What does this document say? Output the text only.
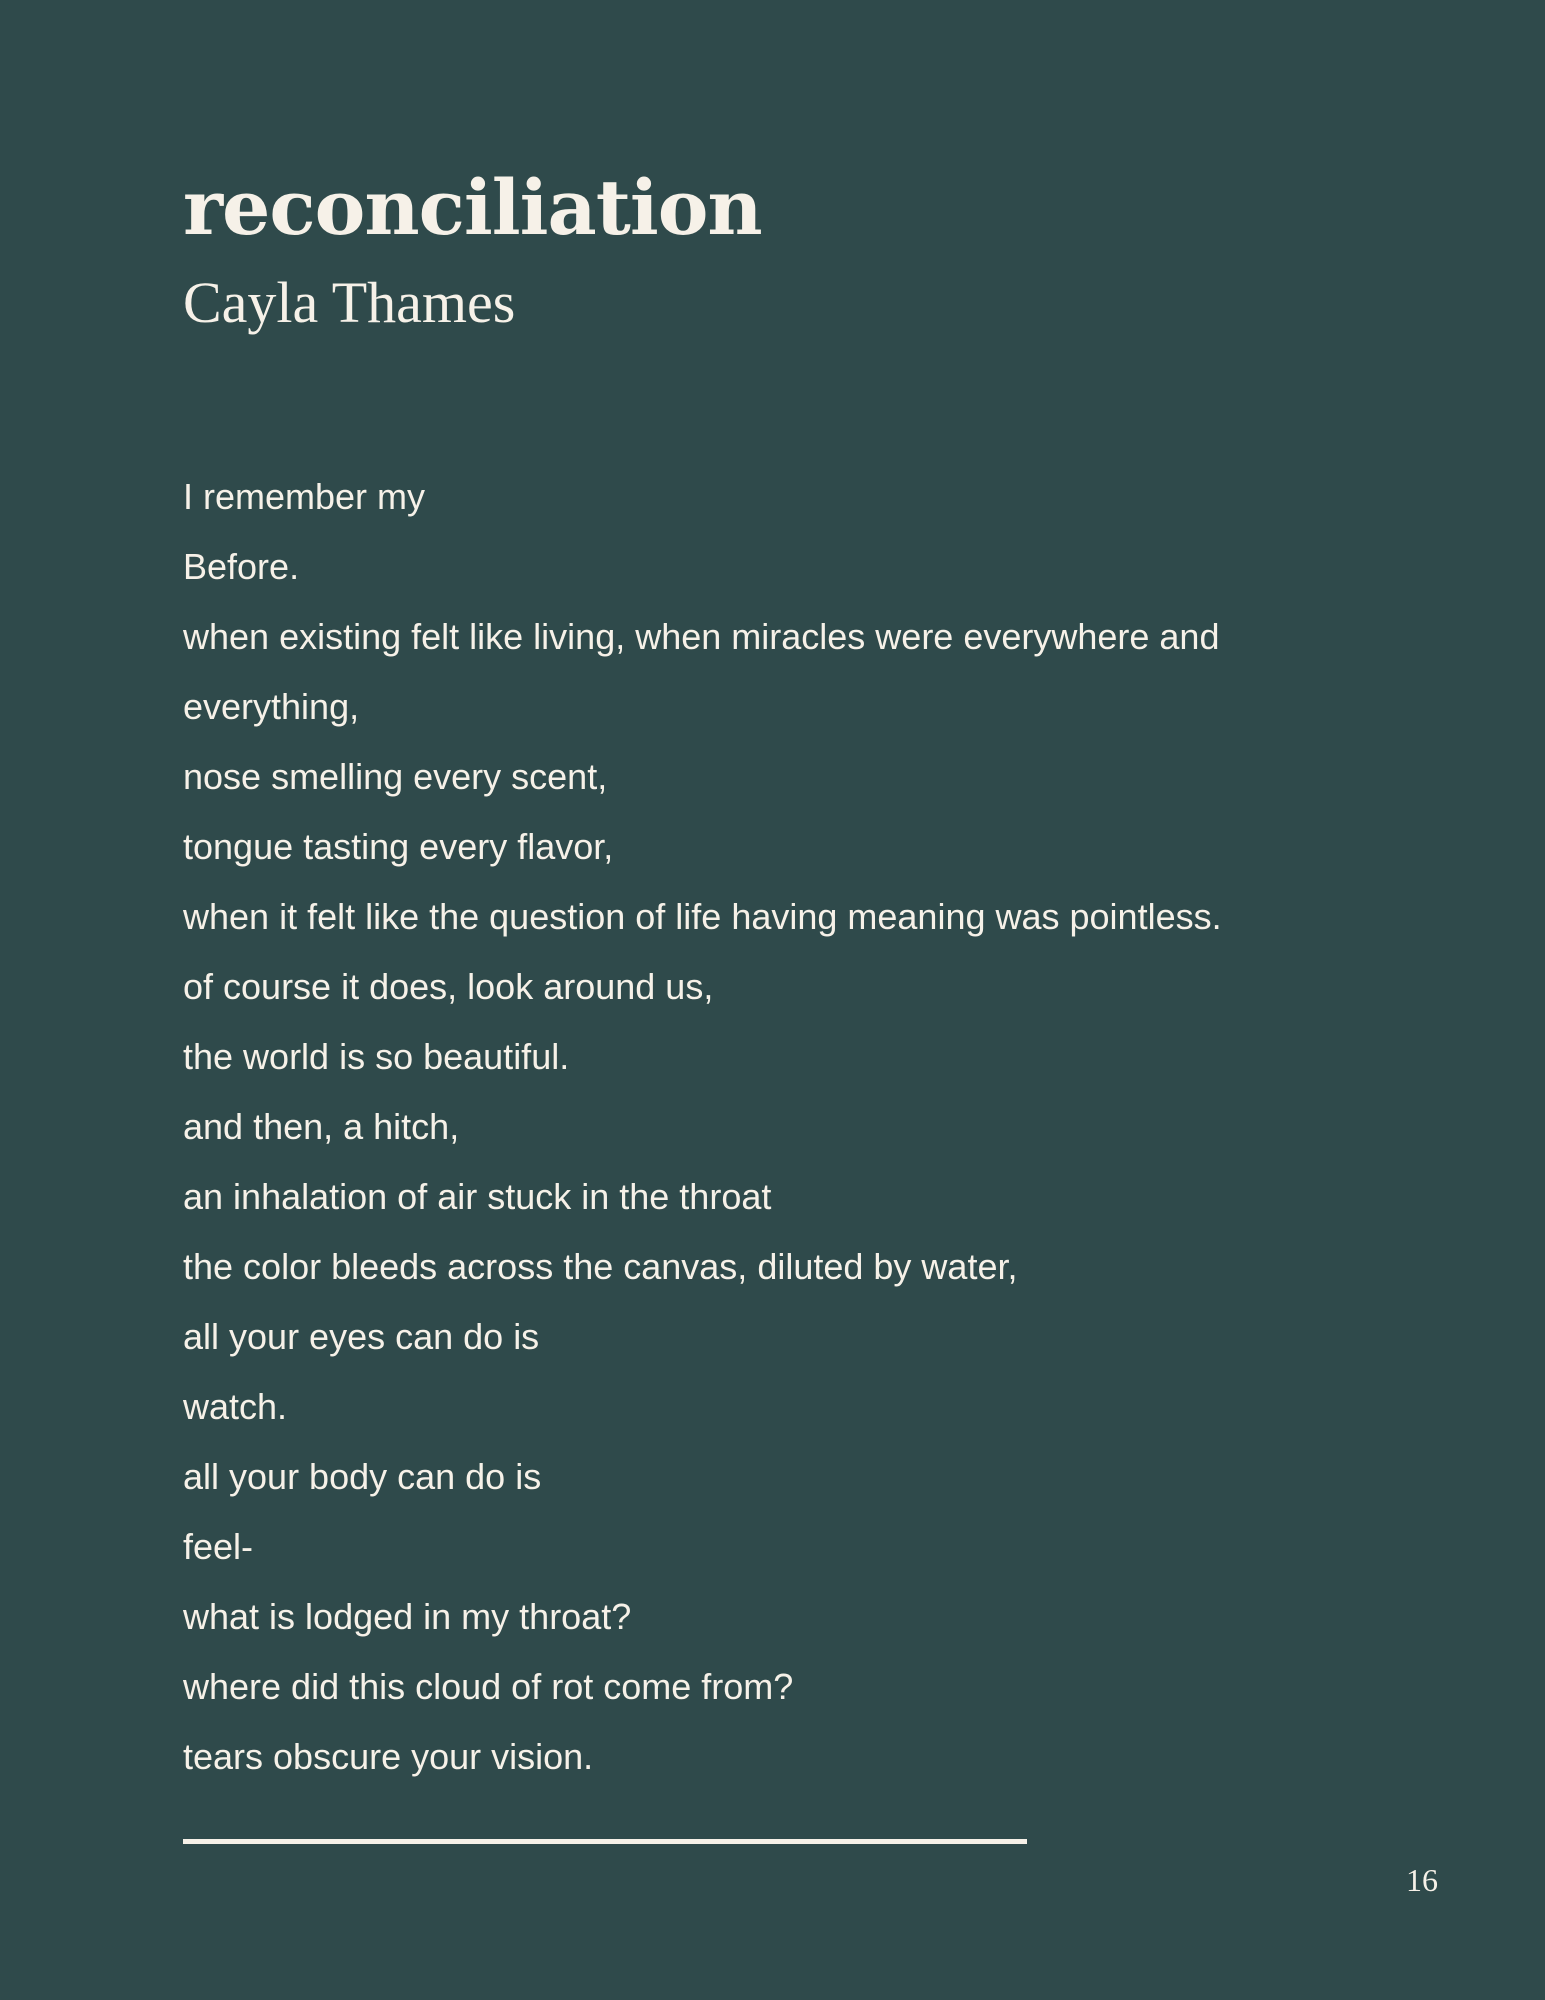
reconciliation
Cayla Thames
I remember my
Before.
when existing felt like living, when miracles were everywhere and
everything,
nose smelling every scent,
tongue tasting every flavor,
when it felt like the question of life having meaning was pointless.
of course it does, look around us,
the world is so beautiful.
and then, a hitch,
an inhalation of air stuck in the throat
the color bleeds across the canvas, diluted by water,
all your eyes can do is
watch.
all your body can do is
feel-
what is lodged in my throat?
where did this cloud of rot come from?
tears obscure your vision.
16
